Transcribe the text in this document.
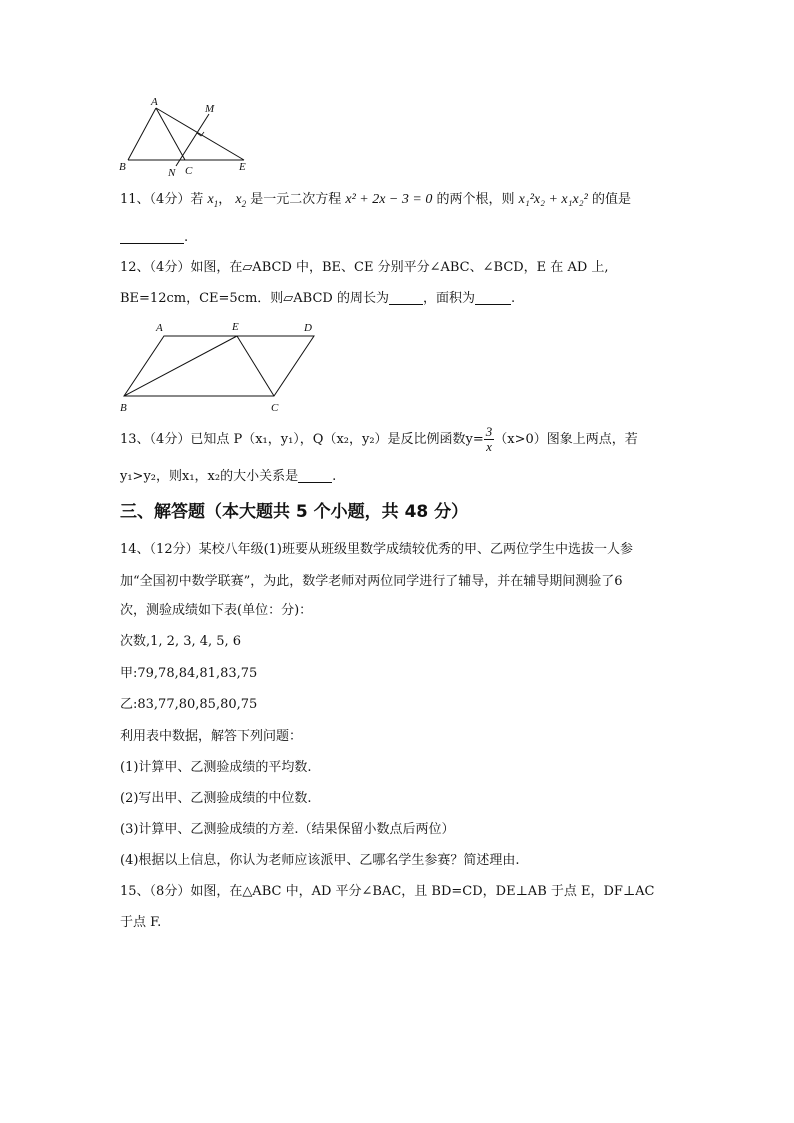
A
M
B	N C	E
11、（4分）若 $x_1$， $x_2$ 是一元二次方程 x² + 2x − 3 = 0 的两个根，则 x₁²x₂ + x₁x₂² 的值是
.
12、（4分）如图，在▱ABCD 中，BE、CE 分别平分∠ABC、∠BCD，E 在 AD 上,
BE=12cm，CE=5cm．则▱ABCD 的周长为	，面积为	.
A	E	D
B	C
13、（4分）已知点 P（x₁，y₁），Q（x₂，y₂）是反比例函数$y= \frac{3}{x} (x>0)$图象上两点，若
y₁>y₂，则x₁，x₂的大小关系是	.
三、解答题（本大题共 5 个小题，共 48 分）
14、（12分）某校八年级(1)班要从班级里数学成绩较优秀的甲、乙两位学生中选拔一人参
加“全国初中数学联赛”，为此，数学老师对两位同学进行了辅导，并在辅导期间测验了6
次，测验成绩如下表(单位：分)：
次数,1, 2, 3, 4, 5, 6
甲:79,78,84,81,83,75
乙:83,77,80,85,80,75
利用表中数据，解答下列问题：
(1)计算甲、乙测验成绩的平均数.
(2)写出甲、乙测验成绩的中位数.
(3)计算甲、乙测验成绩的方差.（结果保留小数点后两位）
(4)根据以上信息，你认为老师应该派甲、乙哪名学生参赛？简述理由.
15、（8分）如图，在△ABC 中，AD 平分∠BAC，且 BD=CD，DE⊥AB 于点 E，DF⊥AC
于点 F.
